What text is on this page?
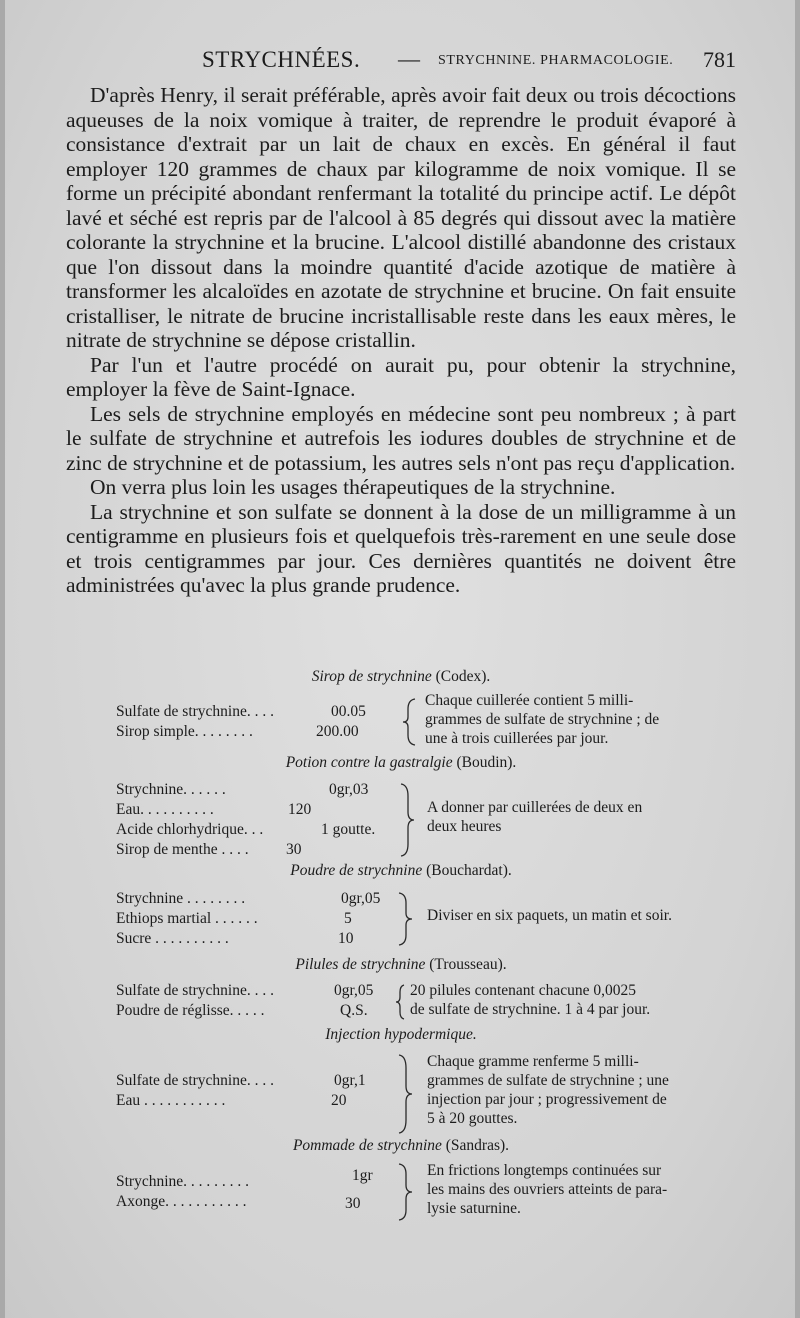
STRYCHNÉES. — STRYCHNINE. PHARMACOLOGIE. 781

D'après Henry, il serait préférable, après avoir fait deux ou trois décoctions aqueuses de la noix vomique à traiter, de reprendre le produit évaporé à consistance d'extrait par un lait de chaux en excès. En général il faut employer 120 grammes de chaux par kilogramme de noix vomique. Il se forme un précipité abondant renfermant la totalité du principe actif. Le dépôt lavé et séché est repris par de l'alcool à 85 degrés qui dissout avec la matière colorante la strychnine et la brucine. L'alcool distillé abandonne des cristaux que l'on dissout dans la moindre quantité d'acide azotique de matière à transformer les alcaloïdes en azotate de strychnine et brucine. On fait ensuite cristalliser, le nitrate de brucine incristallisable reste dans les eaux mères, le nitrate de strychnine se dépose cristallin.

Par l'un et l'autre procédé on aurait pu, pour obtenir la strychnine, employer la fève de Saint-Ignace.

Les sels de strychnine employés en médecine sont peu nombreux ; à part le sulfate de strychnine et autrefois les iodures doubles de strychnine et de zinc de strychnine et de potassium, les autres sels n'ont pas reçu d'application.

On verra plus loin les usages thérapeutiques de la strychnine.

La strychnine et son sulfate se donnent à la dose de un milligramme à un centigramme en plusieurs fois et quelquefois très-rarement en une seule dose et trois centigrammes par jour. Ces dernières quantités ne doivent être administrées qu'avec la plus grande prudence.

Sirop de strychnine (Codex).
Sulfate de strychnine. . . .	00.05
Sirop simple. . . . . . . .	200.00
Chaque cuillerée contient 5 milli-
grammes de sulfate de strychnine ; de
une à trois cuillerées par jour.
Potion contre la gastralgie (Boudin).
Strychnine. . . . . .	0gr,03
Eau. . . . . . . . . .	120
Acide chlorhydrique. . .	1 goutte.
Sirop de menthe . . . . 30
A donner par cuillerées de deux en
deux heures
Poudre de strychnine (Bouchardat).
Strychnine . . . . . . . .	0gr,05
Ethiops martial . . . . . .	5
Sucre . . . . . . . . . .	10
Diviser en six paquets, un matin et soir.
Pilules de strychnine (Trousseau).
Sulfate de strychnine. . . .	0gr,05
Poudre de réglisse. . . . .	Q.S.
20 pilules contenant chacune 0,0025
de sulfate de strychnine. 1 à 4 par jour.
Injection hypodermique.
Sulfate de strychnine. . . .	0gr,1
Eau . . . . . . . . . . .	20
Chaque gramme renferme 5 milli-
grammes de sulfate de strychnine ; une
injection par jour ; progressivement de
5 à 20 gouttes.
Pommade de strychnine (Sandras).
Strychnine. . . . . . . . .	1gr
Axonge. . . . . . . . . . .	30
En frictions longtemps continuées sur
les mains des ouvriers atteints de para-
lysie saturnine.
